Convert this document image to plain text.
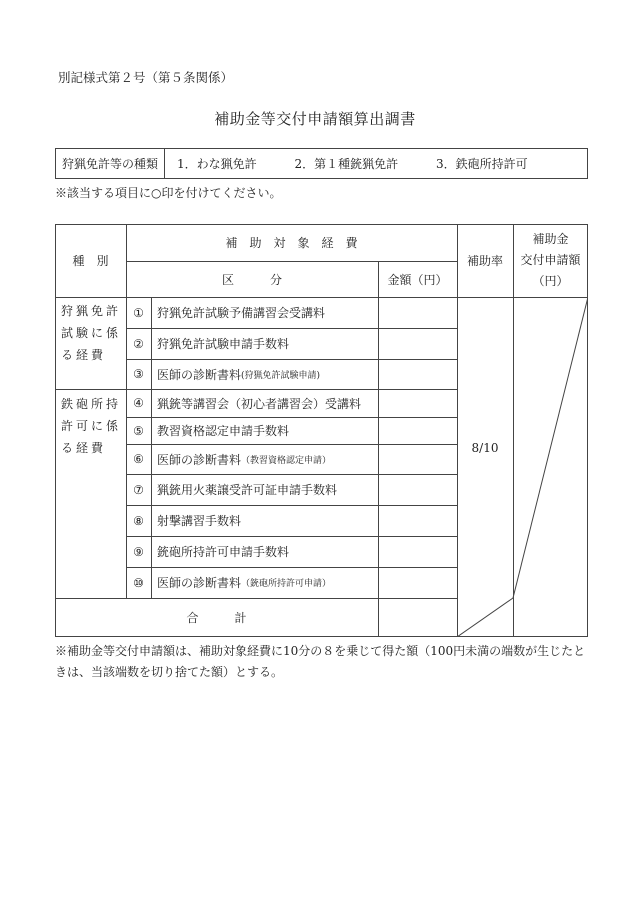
別記様式第２号（第５条関係）
補助金等交付申請額算出調書
狩猟免許等の種類	1．わな猟免許	2．第１種銃猟免許	3．鉄砲所持許可
※該当する項目に○印を付けてください。
種　別
補　助　対　象　経　費
区　　　分	金額（円）
補助率
補助金
交付申請額
（円）
狩猟免許
試験に係
る経費
鉄砲所持
許可に係
る経費
①	狩猟免許試験予備講習会受講料
②	狩猟免許試験申請手数料
③	医師の診断書料 (狩猟免許試験申請)
④	猟銃等講習会（初心者講習会）受講料
⑤	教習資格認定申請手数料
⑥	医師の診断書料 （教習資格認定申請）
⑦	猟銃用火薬譲受許可証申請手数料
⑧	射撃講習手数料
⑨	銃砲所持許可申請手数料
⑩	医師の診断書料 （銃砲所持許可申請）
8/10
合　　　計
※補助金等交付申請額は、補助対象経費に10分の８を乗じて得た額（100円未満の端数が生じたときは、当該端数を切り捨てた額）とする。
